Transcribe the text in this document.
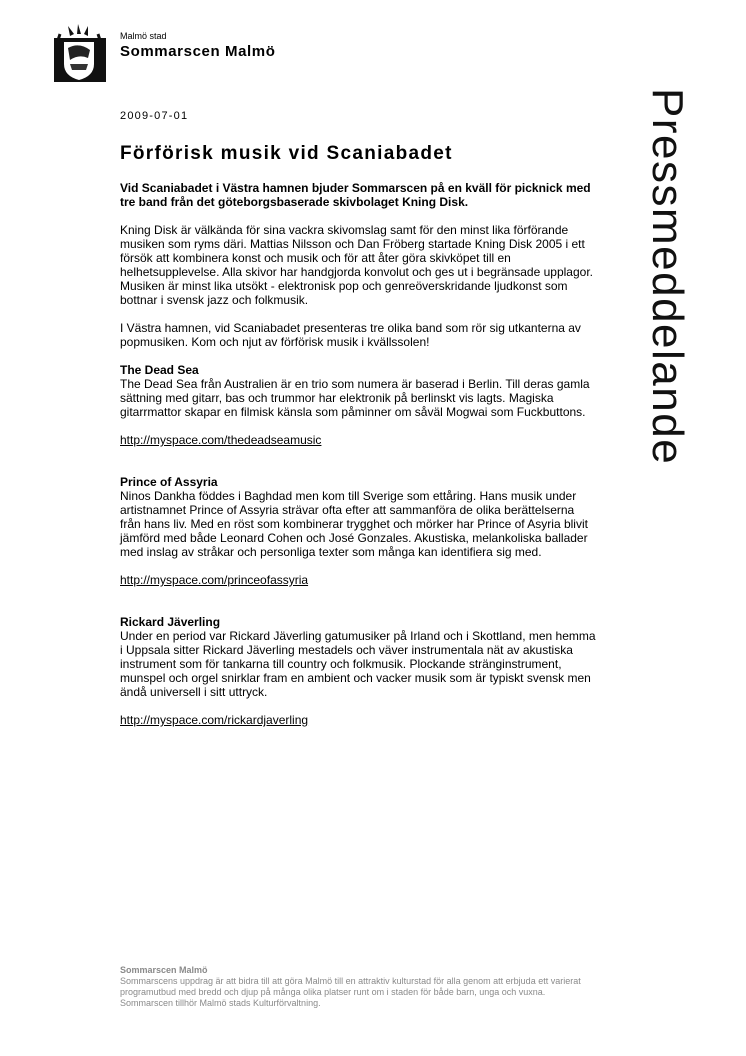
Malmö stad
Sommarscen Malmö
Pressmeddelande
2009-07-01
Förförisk musik vid Scaniabadet

Vid Scaniabadet i Västra hamnen bjuder Sommarscen på en kväll för picknick med tre band från det göteborgsbaserade skivbolaget Kning Disk.

Kning Disk är välkända för sina vackra skivomslag samt för den minst lika förförande musiken som ryms däri. Mattias Nilsson och Dan Fröberg startade Kning Disk 2005 i ett försök att kombinera konst och musik och för att åter göra skivköpet till en helhetsupplevelse. Alla skivor har handgjorda konvolut och ges ut i begränsade upplagor. Musiken är minst lika utsökt - elektronisk pop och genreöverskridande ljudkonst som bottnar i svensk jazz och folkmusik.

I Västra hamnen, vid Scaniabadet presenteras tre olika band som rör sig utkanterna av popmusiken. Kom och njut av förförisk musik i kvällssolen!

The Dead Sea

The Dead Sea från Australien är en trio som numera är baserad i Berlin. Till deras gamla sättning med gitarr, bas och trummor har elektronik på berlinskt vis lagts. Magiska gitarrmattor skapar en filmisk känsla som påminner om såväl Mogwai som Fuckbuttons.

http://myspace.com/thedeadseamusic

Prince of Assyria

Ninos Dankha föddes i Baghdad men kom till Sverige som ettåring. Hans musik under artistnamnet Prince of Assyria strävar ofta efter att sammanföra de olika berättelserna från hans liv. Med en röst som kombinerar trygghet och mörker har Prince of Asyria blivit jämförd med både Leonard Cohen och José Gonzales. Akustiska, melankoliska ballader med inslag av stråkar och personliga texter som många kan identifiera sig med.

http://myspace.com/princeofassyria

Rickard Jäverling

Under en period var Rickard Jäverling gatumusiker på Irland och i Skottland, men hemma i Uppsala sitter Rickard Jäverling mestadels och väver instrumentala nät av akustiska instrument som för tankarna till country och folkmusik. Plockande stränginstrument, munspel och orgel snirklar fram en ambient och vacker musik som är typiskt svensk men ändå universell i sitt uttryck.

http://myspace.com/rickardjaverling

Sommarscen Malmö
Sommarscens uppdrag är att bidra till att göra Malmö till en attraktiv kulturstad för alla genom att erbjuda ett varierat programutbud med bredd och djup på många olika platser runt om i staden för både barn, unga och vuxna. Sommarscen tillhör Malmö stads Kulturförvaltning.
